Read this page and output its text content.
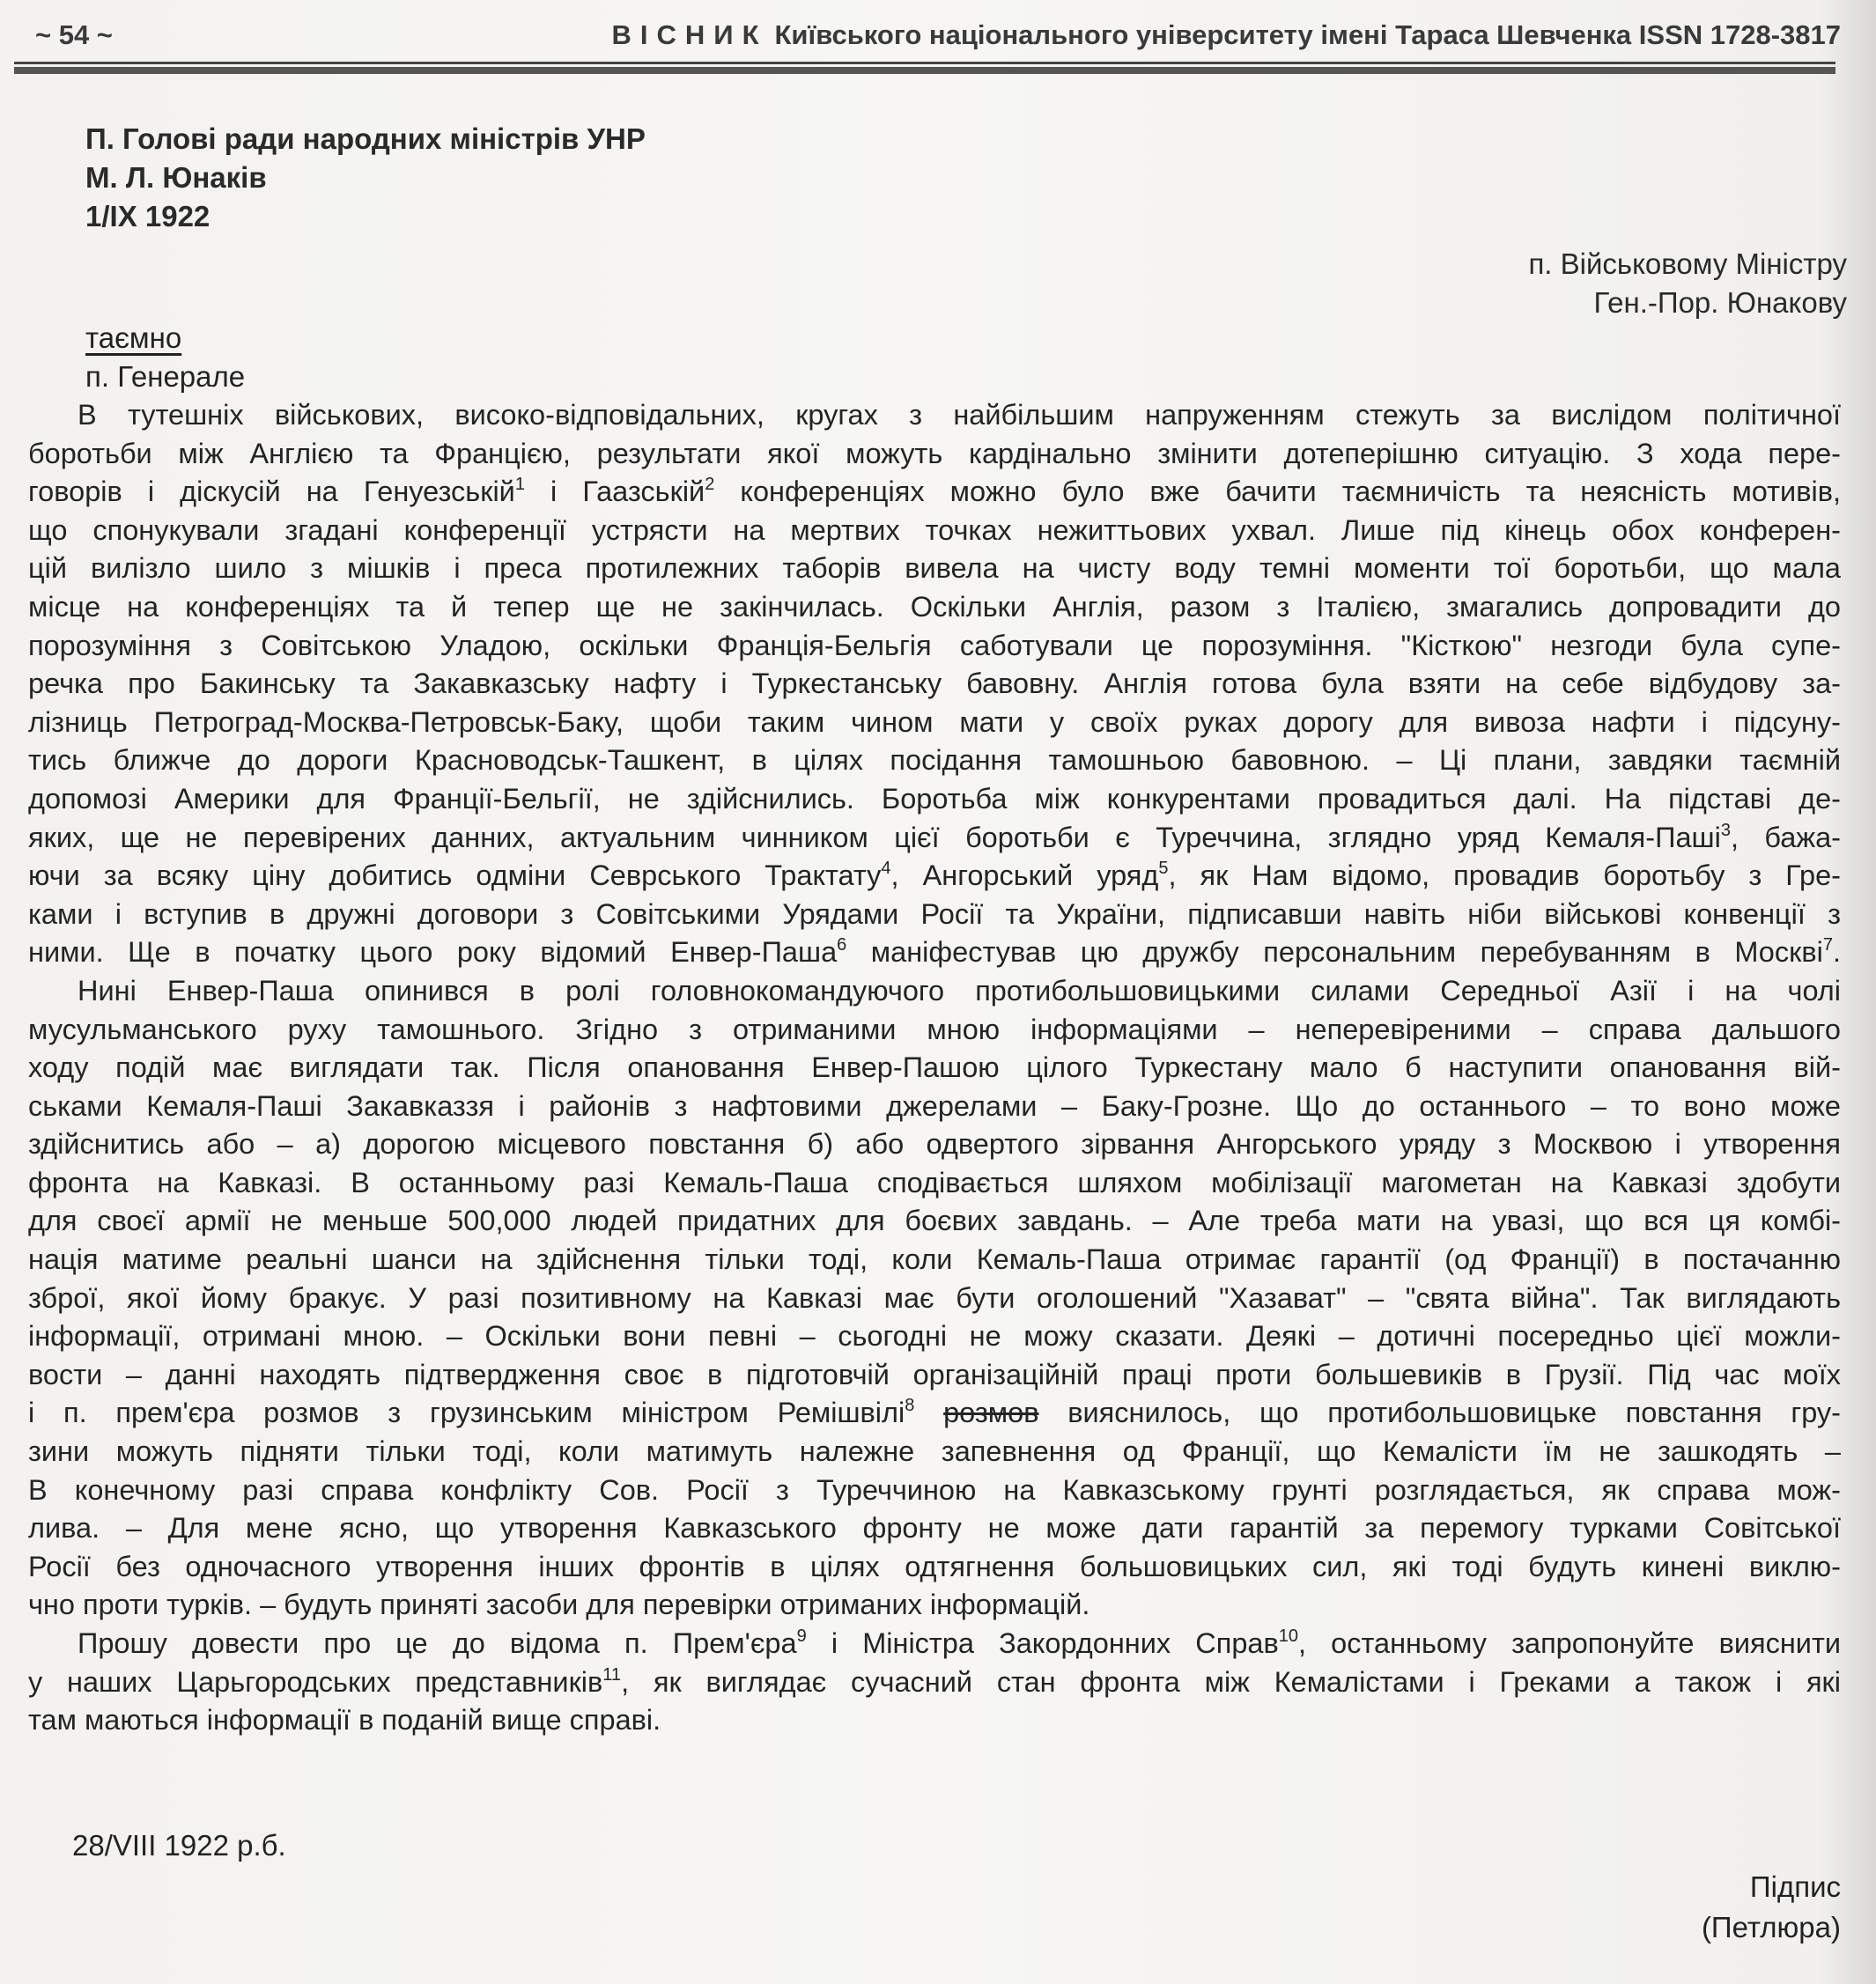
~ 54 ~	ВІСНИК Київського національного університету імені Тараса Шевченка ISSN 1728-3817
П. Голові ради народних міністрів УНР
М. Л. Юнаків
1/IX 1922
п. Військовому Міністру
Ген.-Пор. Юнакову
таємно
п. Генерале
В тутешніх військових, високо-відповідальних, кругах з найбільшим напруженням стежуть за вислідом політичної
боротьби між Англією та Францією, результати якої можуть кардінально змінити дотеперішню ситуацію. З хода пере-
говорів і діскусій на Генуезській$^1$ і Гаазській$^2$ конференціях можно було вже бачити таємничість та неясність мотивів,
що спонукували згадані конференції устрясти на мертвих точках нежиттьових ухвал. Лише під кінець обох конферен-
цій вилізло шило з мішків і преса протилежних таборів вивела на чисту воду темні моменти тої боротьби, що мала
місце на конференціях та й тепер ще не закінчилась. Оскільки Англія, разом з Італією, змагались допровадити до
порозуміння з Совітською Уладою, оскільки Франція-Бельгія саботували це порозуміння. "Кісткою" незгоди була супе-
речка про Бакинську та Закавказську нафту і Туркестанську бавовну. Англія готова була взяти на себе відбудову за-
лізниць Петроград-Москва-Петровськ-Баку, щоби таким чином мати у своїх руках дорогу для вивоза нафти і підсуну-
тись ближче до дороги Красноводськ-Ташкент, в цілях посідання тамошньою бавовною. – Ці плани, завдяки таємній
допомозі Америки для Франції-Бельгії, не здійснились. Боротьба між конкурентами провадиться далі. На підставі де-
яких, ще не перевірених данних, актуальним чинником цієї боротьби є Туреччина, зглядно уряд Кемаля-Паші$^3$, бажа-
ючи за всяку ціну добитись одміни Севрського Трактату$^4$, Ангорський уряд$^5$, як Нам відомо, провадив боротьбу з Гре-
ками і вступив в дружні договори з Совітськими Урядами Росії та України, підписавши навіть ніби військові конвенції з
ними. Ще в початку цього року відомий Енвер-Паша$^6$ маніфестував цю дружбу персональним перебуванням в Москві$^7$.
Нині Енвер-Паша опинився в ролі головнокомандуючого протибольшовицькими силами Середньої Азії і на чолі
мусульманського руху тамошнього. Згідно з отриманими мною інформаціями – неперевіреними – справа дальшого
ходу подій має виглядати так. Після опановання Енвер-Пашою цілого Туркестану мало б наступити опановання вій-
ськами Кемаля-Паші Закавказзя і районів з нафтовими джерелами – Баку-Грозне. Що до останнього – то воно може
здійснитись або – а) дорогою місцевого повстання б) або одвертого зірвання Ангорського уряду з Москвою і утворення
фронта на Кавказі. В останньому разі Кемаль-Паша сподівається шляхом мобілізації магометан на Кавказі здобути
для своєї армії не меньше 500,000 людей придатних для боєвих завдань. – Але треба мати на увазі, що вся ця комбі-
нація матиме реальні шанси на здійснення тільки тоді, коли Кемаль-Паша отримає гарантії (од Франції) в постачанню
зброї, якої йому бракує. У разі позитивному на Кавказі має бути оголошений "Хазават" – "свята війна". Так виглядають
інформації, отримані мною. – Оскільки вони певні – сьогодні не можу сказати. Деякі – дотичні посередньо цієї можли-
вости – данні находять підтвердження своє в підготовчій організаційній праці проти большевиків в Грузії. Під час моїх
і п. прем'єра розмов з грузинським міністром Ремішвілі$^8$ розмов вияснилось, що протибольшовицьке повстання гру-
зини можуть підняти тільки тоді, коли матимуть належне запевнення од Франції, що Кемалісти їм не зашкодять –
В конечному разі справа конфлікту Сов. Росії з Туреччиною на Кавказському грунті розглядається, як справа мож-
лива. – Для мене ясно, що утворення Кавказського фронту не може дати гарантій за перемогу турками Совітської
Росії без одночасного утворення інших фронтів в цілях одтягнення большовицьких сил, які тоді будуть кинені виклю-
чно проти турків. – будуть приняті засоби для перевірки отриманих інформацій.
Прошу довести про це до відома п. Прем'єра$^9$ і Міністра Закордонних Справ$^{10}$, останньому запропонуйте вияснити
у наших Царьгородських представників$^{11}$, як виглядає сучасний стан фронта між Кемалістами і Греками а також і які
там маються інформації в поданій вище справі.
28/VIII 1922 р.б.
Підпис
(Петлюра)
